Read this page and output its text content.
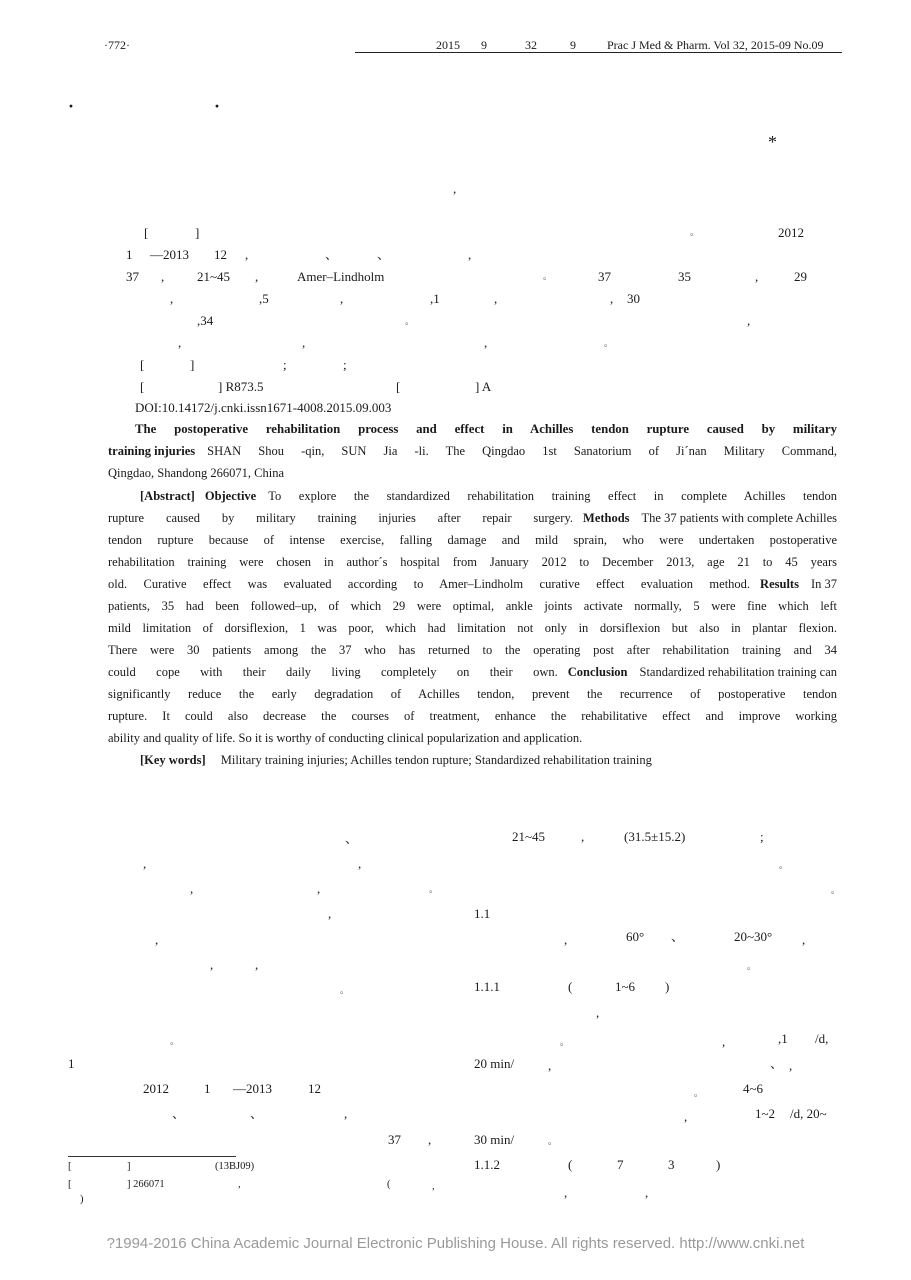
·772·	2015 9	32	9	Prac J Med & Pharm. Vol 32, 2015-09 No.09
·	·
*
,
[	]	。	2012
1 —2013 12 ,	、	、	,
37 ,	21~45 ,	Amer–Lindholm	。	37	35	,	29
,	,5	,	,1	,	, 30
,34	。	,
,	,	,	。
[	]	;	;
[	] R873.5	[	] A
DOI:10.14172/j.cnki.issn1671-4008.2015.09.003
The postoperative rehabilitation process and effect in Achilles tendon rupture caused by military
training injuries SHAN Shou -qin, SUN Jia -li. The Qingdao 1st Sanatorium of Ji´nan Military Command,
Qingdao, Shandong 266071, China
[Abstract] Objective To explore the standardized rehabilitation training effect in complete Achilles tendon
rupture caused by military training injuries after repair surgery. Methods The 37 patients with complete Achilles
tendon rupture because of intense exercise, falling damage and mild sprain, who were undertaken postoperative
rehabilitation training were chosen in author´s hospital from January 2012 to December 2013, age 21 to 45 years
old. Curative effect was evaluated according to Amer–Lindholm curative effect evaluation method. Results In 37
patients, 35 had been followed–up, of which 29 were optimal, ankle joints activate normally, 5 were fine which left
mild limitation of dorsiflexion, 1 was poor, which had limitation not only in dorsiflexion but also in plantar flexion.
There were 30 patients among the 37 who has returned to the operating post after rehabilitation training and 34
could cope with their daily living completely on their own. Conclusion Standardized rehabilitation training can
significantly reduce the early degradation of Achilles tendon, prevent the recurrence of postoperative tendon
rupture. It could also decrease the courses of treatment, enhance the rehabilitative effect and improve working
ability and quality of life. So it is worthy of conducting clinical popularization and application.
[Key words] Military training injuries; Achilles tendon rupture; Standardized rehabilitation training
、
,	,
,	,	。
,
,
,	,
。
。
1
2012	1 —2013	12
、	、	,
37 ,
21~45	,	(31.5±15.2)	;
。
。
1.1
,	60° 、	20~30° ,
。
1.1.1	(	1~6 )
,
。	,	,1 /d,
20 min/	,	、 ,
。	4~6
,	1~2 /d, 20~
30 min/	。
1.1.2	(	7	3	)
,	,
[	]	(13BJ09)
[	] 266071	,	(	,
)
?1994-2016 China Academic Journal Electronic Publishing House. All rights reserved. http://www.cnki.net
